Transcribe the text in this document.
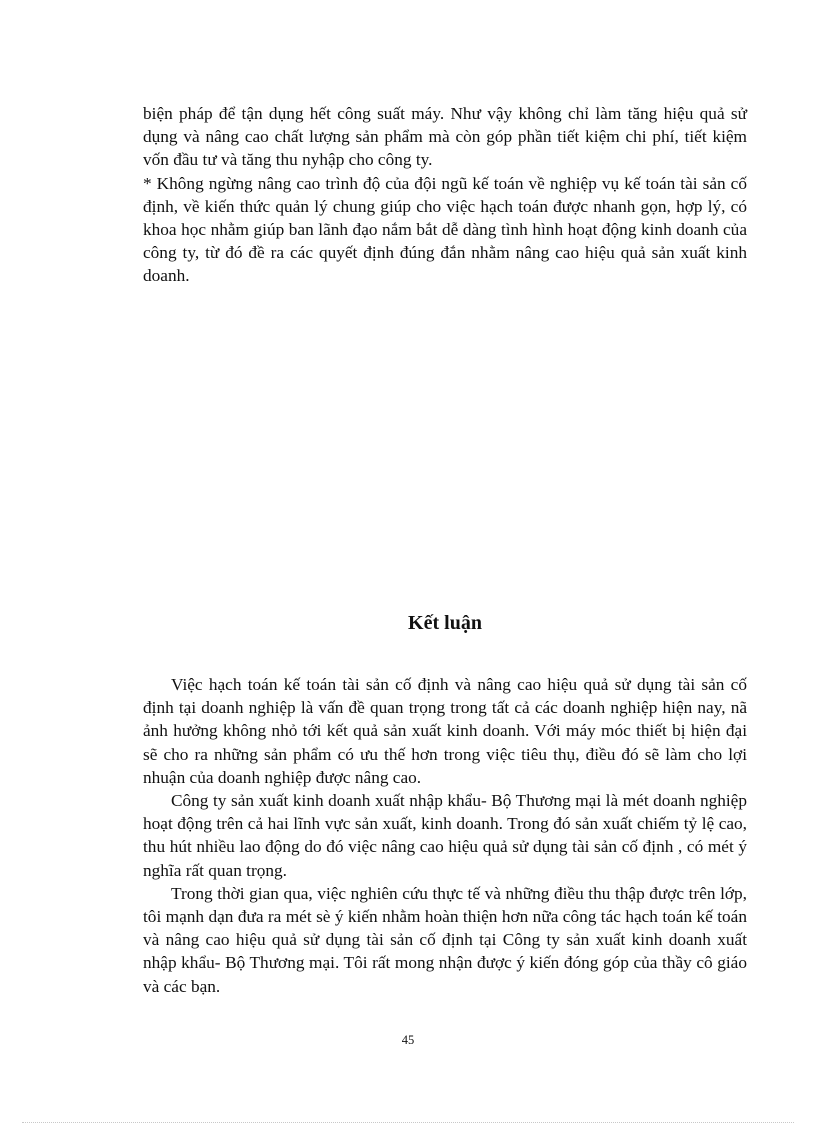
biện pháp để tận dụng hết công suất máy. Như vậy không chỉ làm tăng hiệu quả sử dụng và nâng cao chất lượng sản phẩm mà còn góp phần tiết kiệm chi phí, tiết kiệm vốn đầu tư và tăng thu nyhập cho công ty.

* Không ngừng nâng cao trình độ của đội ngũ kế toán về nghiệp vụ kế toán tài sản cố định, về kiến thức quản lý chung giúp cho việc hạch toán được nhanh gọn, hợp lý, có khoa học nhằm giúp ban lãnh đạo nắm bắt dễ dàng tình hình hoạt động kinh doanh của công ty, từ đó đề ra các quyết định đúng đắn nhằm nâng cao hiệu quả sản xuất kinh doanh.

Kết luận

Việc hạch toán kế toán tài sản cố định và nâng cao hiệu quả sử dụng tài sản cố định tại doanh nghiệp là vấn đề quan trọng trong tất cả các doanh nghiệp hiện nay, nã ảnh hưởng không nhỏ tới kết quả sản xuất kinh doanh. Với máy móc thiết bị hiện đại sẽ cho ra những sản phẩm có ưu thế hơn trong việc tiêu thụ, điều đó sẽ làm cho lợi nhuận của doanh nghiệp được nâng cao.

Công ty sản xuất kinh doanh xuất nhập khẩu- Bộ Thương mại là mét doanh nghiệp hoạt động trên cả hai lĩnh vực sản xuất, kinh doanh. Trong đó sản xuất chiếm tỷ lệ cao, thu hút nhiều lao động do đó việc nâng cao hiệu quả sử dụng tài sản cố định , có mét ý nghĩa rất quan trọng.

Trong thời gian qua, việc nghiên cứu thực tế và những điều thu thập được trên lớp, tôi mạnh dạn đưa ra mét sè ý kiến nhằm hoàn thiện hơn nữa công tác hạch toán kế toán và nâng cao hiệu quả sử dụng tài sản cố định tại Công ty sản xuất kinh doanh xuất nhập khẩu- Bộ Thương mại. Tôi rất mong nhận được ý kiến đóng góp của thầy cô giáo và các bạn.

45
